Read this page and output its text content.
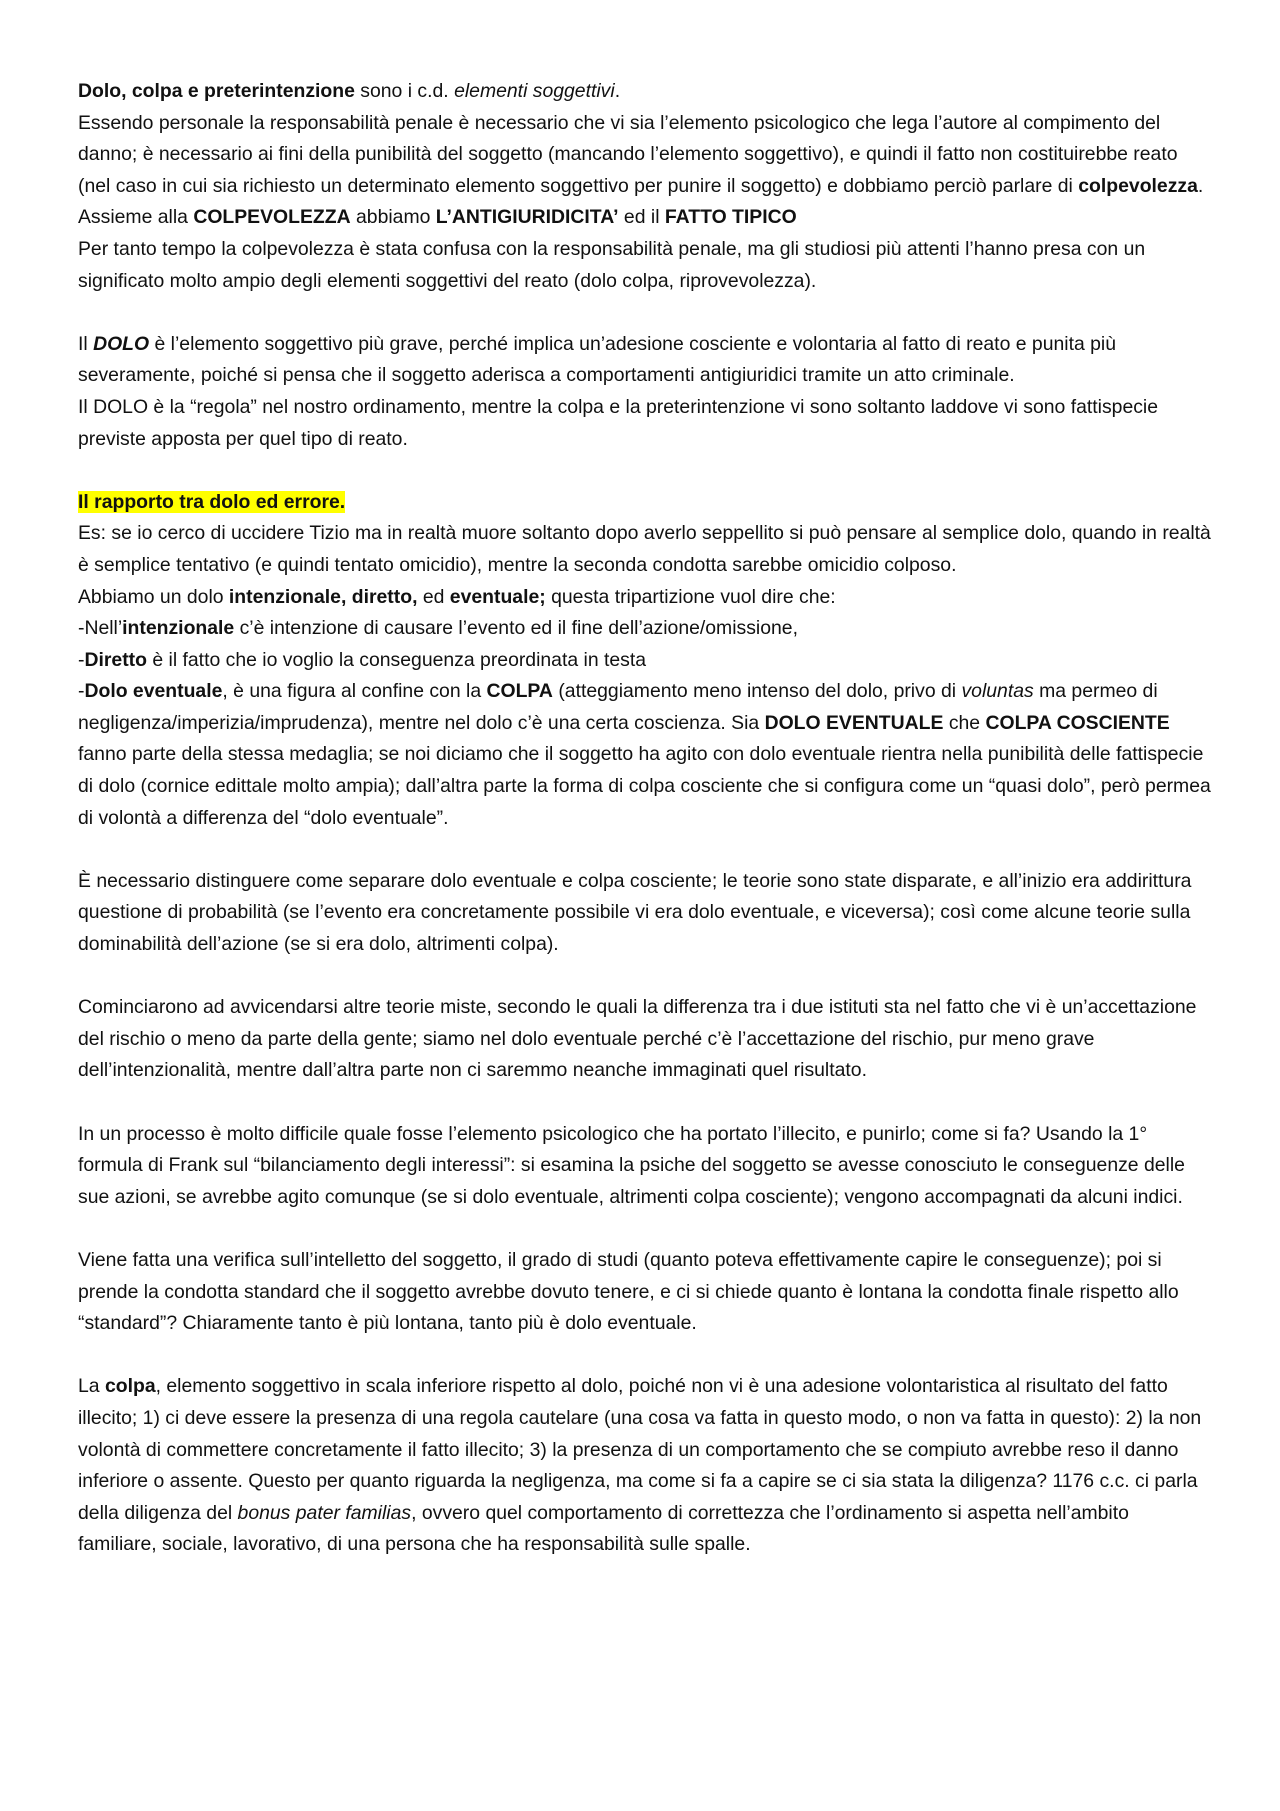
Dolo, colpa e preterintenzione sono i c.d. elementi soggettivi.

Essendo personale la responsabilità penale è necessario che vi sia l’elemento psicologico che lega l’autore al compimento del danno; è necessario ai fini della punibilità del soggetto (mancando l’elemento soggettivo), e quindi il fatto non costituirebbe reato (nel caso in cui sia richiesto un determinato elemento soggettivo per punire il soggetto) e dobbiamo perciò parlare di colpevolezza.

Assieme alla COLPEVOLEZZA abbiamo L’ANTIGIURIDICITA’ ed il FATTO TIPICO

Per tanto tempo la colpevolezza è stata confusa con la responsabilità penale, ma gli studiosi più attenti l’hanno presa con un significato molto ampio degli elementi soggettivi del reato (dolo colpa, riprovevolezza).

Il DOLO è l’elemento soggettivo più grave, perché implica un’adesione cosciente e volontaria al fatto di reato e punita più severamente, poiché si pensa che il soggetto aderisca a comportamenti antigiuridici tramite un atto criminale.

Il DOLO è la “regola” nel nostro ordinamento, mentre la colpa e la preterintenzione vi sono soltanto laddove vi sono fattispecie previste apposta per quel tipo di reato.

Il rapporto tra dolo ed errore.

Es: se io cerco di uccidere Tizio ma in realtà muore soltanto dopo averlo seppellito si può pensare al semplice dolo, quando in realtà è semplice tentativo (e quindi tentato omicidio), mentre la seconda condotta sarebbe omicidio colposo.

Abbiamo un dolo intenzionale, diretto, ed eventuale; questa tripartizione vuol dire che:

-Nell’intenzionale c’è intenzione di causare l’evento ed il fine dell’azione/omissione,

-Diretto è il fatto che io voglio la conseguenza preordinata in testa

-Dolo eventuale, è una figura al confine con la COLPA (atteggiamento meno intenso del dolo, privo di voluntas ma permeo di negligenza/imperizia/imprudenza), mentre nel dolo c’è una certa coscienza. Sia DOLO EVENTUALE che COLPA COSCIENTE fanno parte della stessa medaglia; se noi diciamo che il soggetto ha agito con dolo eventuale rientra nella punibilità delle fattispecie di dolo (cornice edittale molto ampia); dall’altra parte la forma di colpa cosciente che si configura come un “quasi dolo”, però permea di volontà a differenza del “dolo eventuale”.

È necessario distinguere come separare dolo eventuale e colpa cosciente; le teorie sono state disparate, e all’inizio era addirittura questione di probabilità (se l’evento era concretamente possibile vi era dolo eventuale, e viceversa); così come alcune teorie sulla dominabilità dell’azione (se si era dolo, altrimenti colpa).

Cominciarono ad avvicendarsi altre teorie miste, secondo le quali la differenza tra i due istituti sta nel fatto che vi è un’accettazione del rischio o meno da parte della gente; siamo nel dolo eventuale perché c’è l’accettazione del rischio, pur meno grave dell’intenzionalità, mentre dall’altra parte non ci saremmo neanche immaginati quel risultato.

In un processo è molto difficile quale fosse l’elemento psicologico che ha portato l’illecito, e punirlo; come si fa? Usando la 1° formula di Frank sul “bilanciamento degli interessi”: si esamina la psiche del soggetto se avesse conosciuto le conseguenze delle sue azioni, se avrebbe agito comunque (se si dolo eventuale, altrimenti colpa cosciente); vengono accompagnati da alcuni indici.

Viene fatta una verifica sull’intelletto del soggetto, il grado di studi (quanto poteva effettivamente capire le conseguenze); poi si prende la condotta standard che il soggetto avrebbe dovuto tenere, e ci si chiede quanto è lontana la condotta finale rispetto allo “standard”? Chiaramente tanto è più lontana, tanto più è dolo eventuale.

La colpa, elemento soggettivo in scala inferiore rispetto al dolo, poiché non vi è una adesione volontaristica al risultato del fatto illecito; 1) ci deve essere la presenza di una regola cautelare (una cosa va fatta in questo modo, o non va fatta in questo): 2) la non volontà di commettere concretamente il fatto illecito; 3) la presenza di un comportamento che se compiuto avrebbe reso il danno inferiore o assente. Questo per quanto riguarda la negligenza, ma come si fa a capire se ci sia stata la diligenza? 1176 c.c. ci parla della diligenza del bonus pater familias, ovvero quel comportamento di correttezza che l’ordinamento si aspetta nell’ambito familiare, sociale, lavorativo, di una persona che ha responsabilità sulle spalle.
